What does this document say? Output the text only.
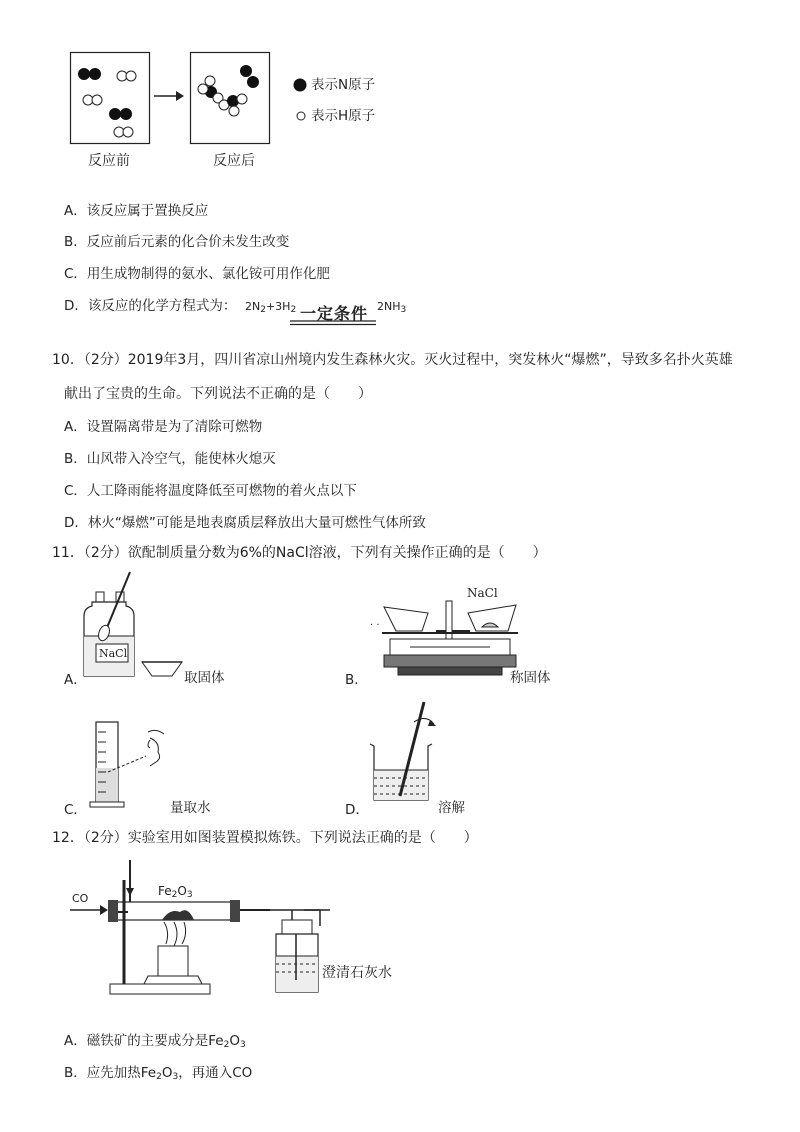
反应前	反应后
表示N原子
表示H原子
A．该反应属于置换反应
B．反应前后元素的化合价未发生改变
C．用生成物制得的氨水、氯化铵可用作化肥
D．该反应的化学方程式为： $2N_2+3H_2$ 一定条件 $2NH_3$
10．（2分）2019年3月，四川省凉山州境内发生森林火灾。灭火过程中，突发林火“爆燃”，导致多名扑火英雄
献出了宝贵的生命。下列说法不正确的是（　　）
A．设置隔离带是为了清除可燃物
B．山风带入冷空气，能使林火熄灭
C．人工降雨能将温度降低至可燃物的着火点以下
D．林火“爆燃”可能是地表腐质层释放出大量可燃性气体所致
11．（2分）欲配制质量分数为6%的NaCl溶液，下列有关操作正确的是（　　）
NaCl
A．	取固体
· ·
NaCl
B．	称固体
C．	量取水	D．	溶解
12．（2分）实验室用如图装置模拟炼铁。下列说法正确的是（　　）
CO
$Fe_2O_3$
澄清石灰水
A．磁铁矿的主要成分是$Fe_2O_3$
B．应先加热$Fe_2O_3$，再通入CO
